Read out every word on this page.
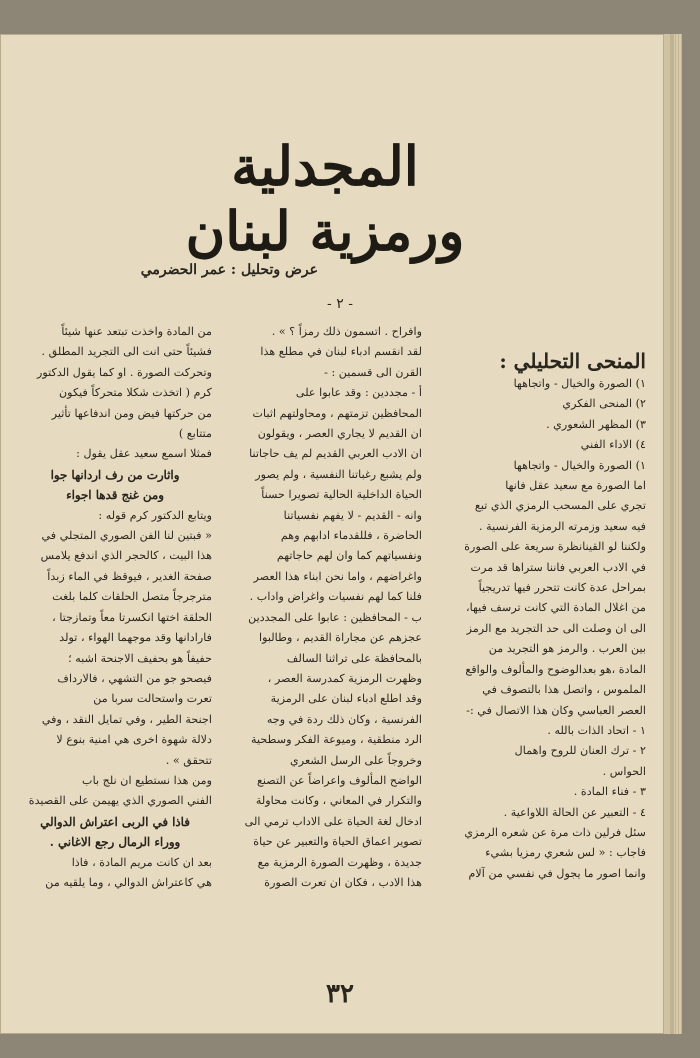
المجدلية ورمزية لبنان
عرض وتحليل : عمر الحضرمي
- ٢ -

المنحى التحليلي :

١) الصورة والخيال - واتجاهها

٢) المنحى الفكري

٣) المظهر الشعوري .

٤) الاداء الفني

١) الصورة والخيال - واتجاهها

اما الصورة مع سعيد عقل فانها

تجري على المسحب الرمزي الذي تبع

فيه سعيد وزمرته الرمزية الفرنسية .

ولكننا لو القينانظرة سريعة على الصورة

في الادب العربي فاننا ستراها قد مرت

بمراحل عدة كانت تتحرر فيها تدريجياً

من اغلال المادة التي كانت ترسف فيها،

الى ان وصلت الى حد التجريد مع الرمز

بين العرب . والرمز هو التجريد من

المادة ،هو بعدالوضوح والمألوف والواقع

الملموس ، واتصل هذا بالتصوف في

العصر العباسي وكان هذا الاتصال في :-

١ - اتحاد الذات بالله .

٢ - ترك العنان للروح واهمال

الحواس .

٣ - فناء المادة .

٤ - التعبير عن الحالة اللاواعية .

سئل فرلين ذات مرة عن شعره الرمزي

فاجاب : « لس شعري رمزيا بشيء

وانما اصور ما يجول في نفسي من آلام

وافراح . اتسمون ذلك رمزاً ؟ » .

لقد انقسم ادباء لبنان في مطلع هذا

القرن الى قسمين : -

أ - مجددين : وقد عابوا على

المحافظين تزمتهم ، ومحاولتهم اثبات

ان القديم لا يجاري العصر ، ويقولون

ان الادب العربي القديم لم يف حاجاتنا

ولم يشبع رغباتنا النفسية ، ولم يصور

الحياة الداخلية الحالية تصويرا حسناً

وانه - القديم - لا يفهم نفسياتنا

الحاضرة ، فللقدماء ادابهم وهم

ونفسياتهم كما وان لهم حاجاتهم

واغراضهم ، واما نحن ابناء هذا العصر

فلنا كما لهم نفسيات واغراض واداب .

ب - المحافظين : عابوا على المجددين

عجزهم عن مجاراة القديم ، وطالبوا

بالمحافظة على تراثنا السالف

وظهرت الرمزية كمدرسة العصر ،

وقد اطلع ادباء لبنان على الرمزية

الفرنسية ، وكان ذلك ردة في وجه

الرد منطقية ، وميوعة الفكر وسطحية

وخروجاً على الرسل الشعري

الواضح المألوف واعراضاً عن التصنع

والتكرار في المعاني ، وكانت محاولة

ادخال لغة الحياة على الاداب ترمي الى

تصوير اعماق الحياة والتعبير عن حياة

جديدة ، وظهرت الصورة الرمزية مع

هذا الادب ، فكان ان تعرت الصورة

من المادة واخذت تبتعد عنها شيئاً

فشيئاً حتى انت الى التجريد المطلق .

وتحركت الصورة . او كما يقول الدكتور

كرم ( اتخذت شكلا متحركاً فيكون

من حركتها فيض ومن اندفاعها تأثير

متتابع )

فمثلا اسمع سعيد عقل يقول :

واثارت من رف اردانها جوا

ومن غنج قدها اجواء

ويتابع الدكتور كرم قوله :

« فبتين لنا الفن الصوري المتجلي في

هذا البيت ، كالحجر الذي اندفع يلامس

صفحة الغدير ، فيوقظ في الماء زبداً

مترجرجاً متصل الحلقات كلما بلغت

الحلقة اختها انكسرتا معاً وتمازجتا ،

فارادانها وقد موجهما الهواء ، تولد

حفيفاً هو بحفيف الاجنحة اشبه ؛

فيصحو جو من التشهي ، فالارداف

تعرت واستحالت سربا من

اجنحة الطير ، وفي تمايل النقد ، وفي

دلالة شهوة اخرى هي امنية بنوع لا

تتحقق » .

ومن هذا نستطيع ان نلج باب

الفني الصوري الذي يهيمن على القصيدة

فاذا في الربى اعتراش الدوالي

ووراء الرمال رجع الاغاني .

بعد ان كانت مريم المادة ، فاذا

هي كاعتراش الدوالي ، وما يلقيه من

٣٢
